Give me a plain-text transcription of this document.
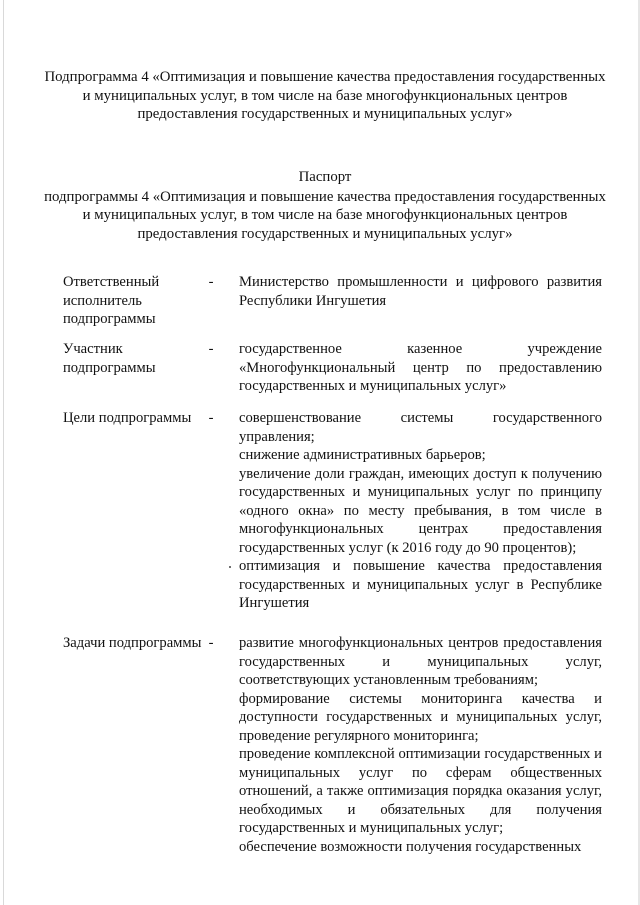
Подпрограмма 4 «Оптимизация и повышение качества предоставления государственных и муниципальных услуг, в том числе на базе многофункциональных центров предоставления государственных и муниципальных услуг»
Паспорт
подпрограммы 4 «Оптимизация и повышение качества предоставления государственных и муниципальных услуг, в том числе на базе многофункциональных центров предоставления государственных и муниципальных услуг»
Ответственный исполнитель подпрограммы
- Министерство промышленности и цифрового развития Республики Ингушетия

Участник подпрограммы
- государственное казенное учреждение «Многофункциональный центр по предоставлению государственных и муниципальных услуг»

Цели подпрограммы	- совершенствование системы государственного управления;

снижение административных барьеров;

увеличение доли граждан, имеющих доступ к получению государственных и муниципальных услуг по принципу «одного окна» по месту пребывания, в том числе в многофункциональных центрах предоставления государственных услуг (к 2016 году до 90 процентов);

оптимизация и повышение качества предоставления государственных и муниципальных услуг в Республике Ингушетия

Задачи подпрограммы - развитие многофункциональных центров предоставления государственных и муниципальных услуг, соответствующих установленным требованиям;

формирование системы мониторинга качества и доступности государственных и муниципальных услуг, проведение регулярного мониторинга;

проведение комплексной оптимизации государственных и муниципальных услуг по сферам общественных отношений, а также оптимизация порядка оказания услуг, необходимых и обязательных для получения государственных и муниципальных услуг;

обеспечение возможности получения государственных
